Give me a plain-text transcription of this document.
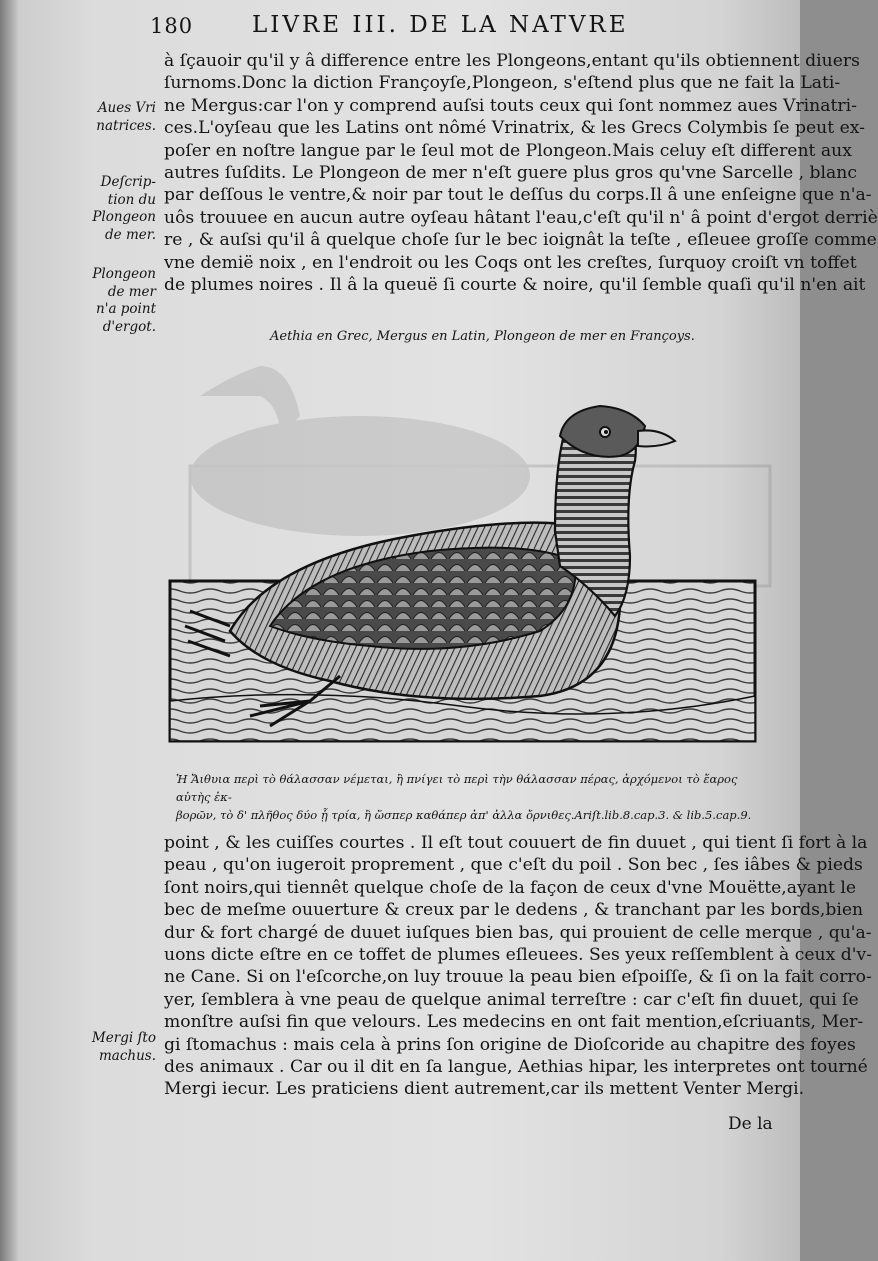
180	LIVRE III. DE LA NATVRE
Aues Vri natrices.
Deſcrip- tion du Plongeon de mer.
Plongeon de mer n'a point d'ergot.
à ſçauoir qu'il y â difference entre les Plongeons,entant qu'ils obtiennent diuers
ſurnoms.Donc la diction Françoyſe,Plongeon, s'eſtend plus que ne fait la Lati-
ne Mergus:car l'on y comprend auſsi touts ceux qui ſont nommez aues Vrinatri-
ces.L'oyſeau que les Latins ont nômé Vrinatrix, & les Grecs Colymbis ſe peut ex-
poſer en noſtre langue par le ſeul mot de Plongeon.Mais celuy eſt different aux
autres ſuſdits. Le Plongeon de mer n'eſt guere plus gros qu'vne Sarcelle , blanc
par deſſous le ventre,& noir par tout le deſſus du corps.Il â une enſeigne que n'a-
uôs trouuee en aucun autre oyſeau hâtant l'eau,c'eſt qu'il n' â point d'ergot derriè
re , & auſsi qu'il â quelque choſe ſur le bec ioignât la teſte , eſleuee groſſe comme
vne demië noix , en l'endroit ou les Coqs ont les creſtes, ſurquoy croiſt vn toffet
de plumes noires . Il â la queuë ſi courte & noire, qu'il ſemble quaſi qu'il n'en ait
Aethia en Grec, Mergus en Latin, Plongeon de mer en Françoys.
Ἡ Ἄιθυια περὶ τὸ θάλασσαν νέμεται, ἢ πνίγει τὸ περὶ τὴν θάλασσαν πέρας, ἀρχόμενοι τὸ ἔαρος αὐτὴς ἐκ-
βορῶν, τὸ δ' πλῆθος δύο ᾗ τρία, ἢ ὥσπερ καθάπερ ἀπ' ἀλλα ὄρνιθες.Ariſt.lib.8.cap.3. & lib.5.cap.9.
Mergi ſto machus.
point , & les cuiſſes courtes . Il eſt tout couuert de fin duuet , qui tient ſi fort à la
peau , qu'on iugeroit proprement , que c'eſt du poil . Son bec , ſes iâbes & pieds
ſont noirs,qui tiennêt quelque choſe de la façon de ceux d'vne Mouëtte,ayant le
bec de meſme ouuerture & creux par le dedens , & tranchant par les bords,bien
dur & fort chargé de duuet iuſques bien bas, qui prouient de celle merque , qu'a-
uons dicte eſtre en ce toffet de plumes eſleuees. Ses yeux reſſemblent à ceux d'v-
ne Cane. Si on l'eſcorche,on luy trouue la peau bien eſpoiſſe, & ſi on la fait corro-
yer, ſemblera à vne peau de quelque animal terreſtre : car c'eſt fin duuet, qui ſe
monſtre auſsi fin que velours. Les medecins en ont fait mention,eſcriuants, Mer-
gi ſtomachus : mais cela à prins ſon origine de Dioſcoride au chapitre des foyes
des animaux . Car ou il dit en ſa langue, Aethias hipar, les interpretes ont tourné
Mergi iecur. Les praticiens dient autrement,car ils mettent Venter Mergi.
De la
